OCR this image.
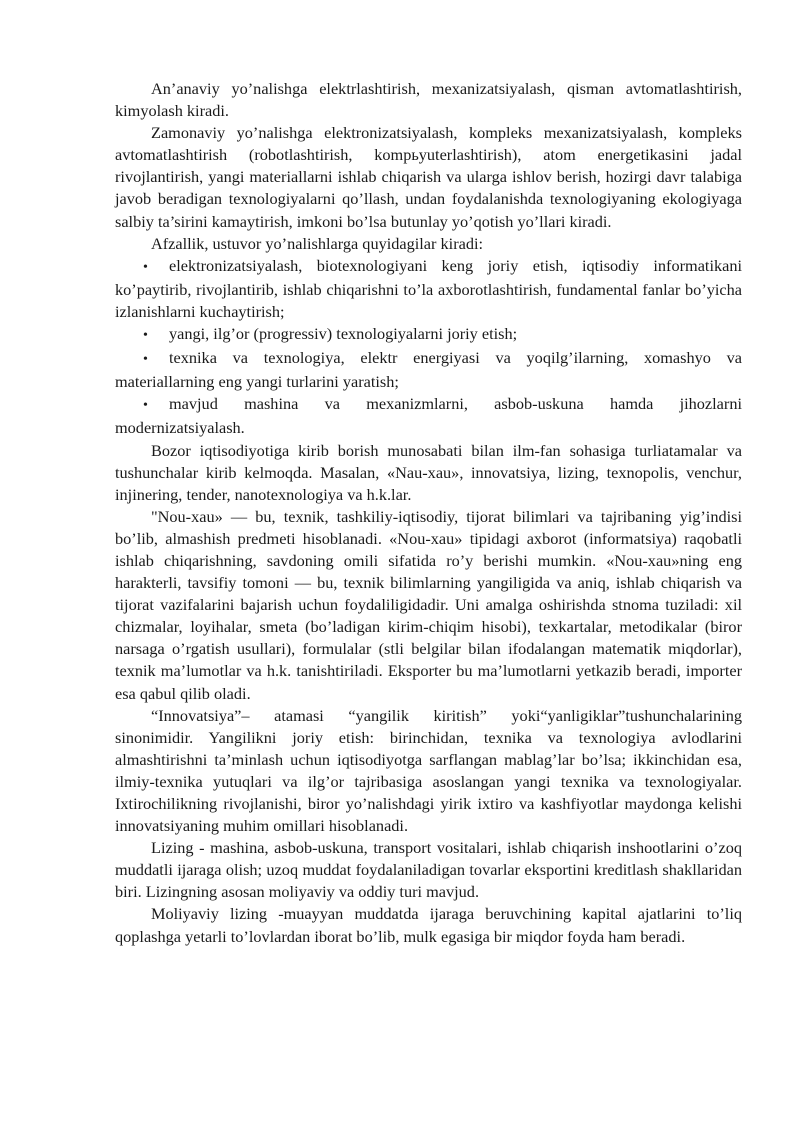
An’anaviy yo’nalishga elektrlashtirish, mexanizatsiyalash, qisman avtomatlashtirish, kimyolash kiradi.

Zamonaviy yo’nalishga elektronizatsiyalash, kompleks mexanizatsiyalash, kompleks avtomatlashtirish (robotlashtirish, kompьyuterlashtirish), atom energetikasini jadal rivojlantirish, yangi materiallarni ishlab chiqarish va ularga ishlov berish, hozirgi davr talabiga javob beradigan texnologiyalarni qo’llash, undan foydalanishda texnologiyaning ekologiyaga salbiy ta’sirini kamaytirish, imkoni bo’lsa butunlay yo’qotish yo’llari kiradi.

Afzallik, ustuvor yo’nalishlarga quyidagilar kiradi:

• elektronizatsiyalash, biotexnologiyani keng joriy etish, iqtisodiy informatikani ko’paytirib, rivojlantirib, ishlab chiqarishni to’la axborotlashtirish, fundamental fanlar bo’yicha izlanishlarni kuchaytirish;

• yangi, ilg’or (progressiv) texnologiyalarni joriy etish;

• texnika va texnologiya, elektr energiyasi va yoqilg’ilarning, xomashyo va materiallarning eng yangi turlarini yaratish;

• mavjud mashina va mexanizmlarni, asbob-uskuna hamda jihozlarni modernizatsiyalash.

Bozor iqtisodiyotiga kirib borish munosabati bilan ilm-fan sohasiga turliatamalar va tushunchalar kirib kelmoqda. Masalan, «Nau-xau», innovatsiya, lizing, texnopolis, venchur, injinering, tender, nanotexnologiya va h.k.lar.

"Nou-xau» — bu, texnik, tashkiliy-iqtisodiy, tijorat bilimlari va tajribaning yig’indisi bo’lib, almashish predmeti hisoblanadi. «Nou-xau» tipidagi axborot (informatsiya) raqobatli ishlab chiqarishning, savdoning omili sifatida ro’y berishi mumkin. «Nou-xau»ning eng harakterli, tavsifiy tomoni — bu, texnik bilimlarning yangiligida va aniq, ishlab chiqarish va tijorat vazifalarini bajarish uchun foydaliligidadir. Uni amalga oshirishda stnoma tuziladi: xil chizmalar, loyihalar, smeta (bo’ladigan kirim-chiqim hisobi), texkartalar, metodikalar (biror narsaga o’rgatish usullari), formulalar (stli belgilar bilan ifodalangan matematik miqdorlar), texnik ma’lumotlar va h.k. tanishtiriladi. Eksporter bu ma’lumotlarni yetkazib beradi, importer esa qabul qilib oladi.

“Innovatsiya”– atamasi “yangilik kiritish” yoki“yanligiklar”tushunchalarining sinonimidir. Yangilikni joriy etish: birinchidan, texnika va texnologiya avlodlarini almashtirishni ta’minlash uchun iqtisodiyotga sarflangan mablag’lar bo’lsa; ikkinchidan esa, ilmiy-texnika yutuqlari va ilg’or tajribasiga asoslangan yangi texnika va texnologiyalar. Ixtirochilikning rivojlanishi, biror yo’nalishdagi yirik ixtiro va kashfiyotlar maydonga kelishi innovatsiyaning muhim omillari hisoblanadi.

Lizing - mashina, asbob-uskuna, transport vositalari, ishlab chiqarish inshootlarini o’zoq muddatli ijaraga olish; uzoq muddat foydalaniladigan tovarlar eksportini kreditlash shakllaridan biri. Lizingning asosan moliyaviy va oddiy turi mavjud.

Moliyaviy lizing -muayyan muddatda ijaraga beruvchining kapital ajatlarini to’liq qoplashga yetarli to’lovlardan iborat bo’lib, mulk egasiga bir miqdor foyda ham beradi.
